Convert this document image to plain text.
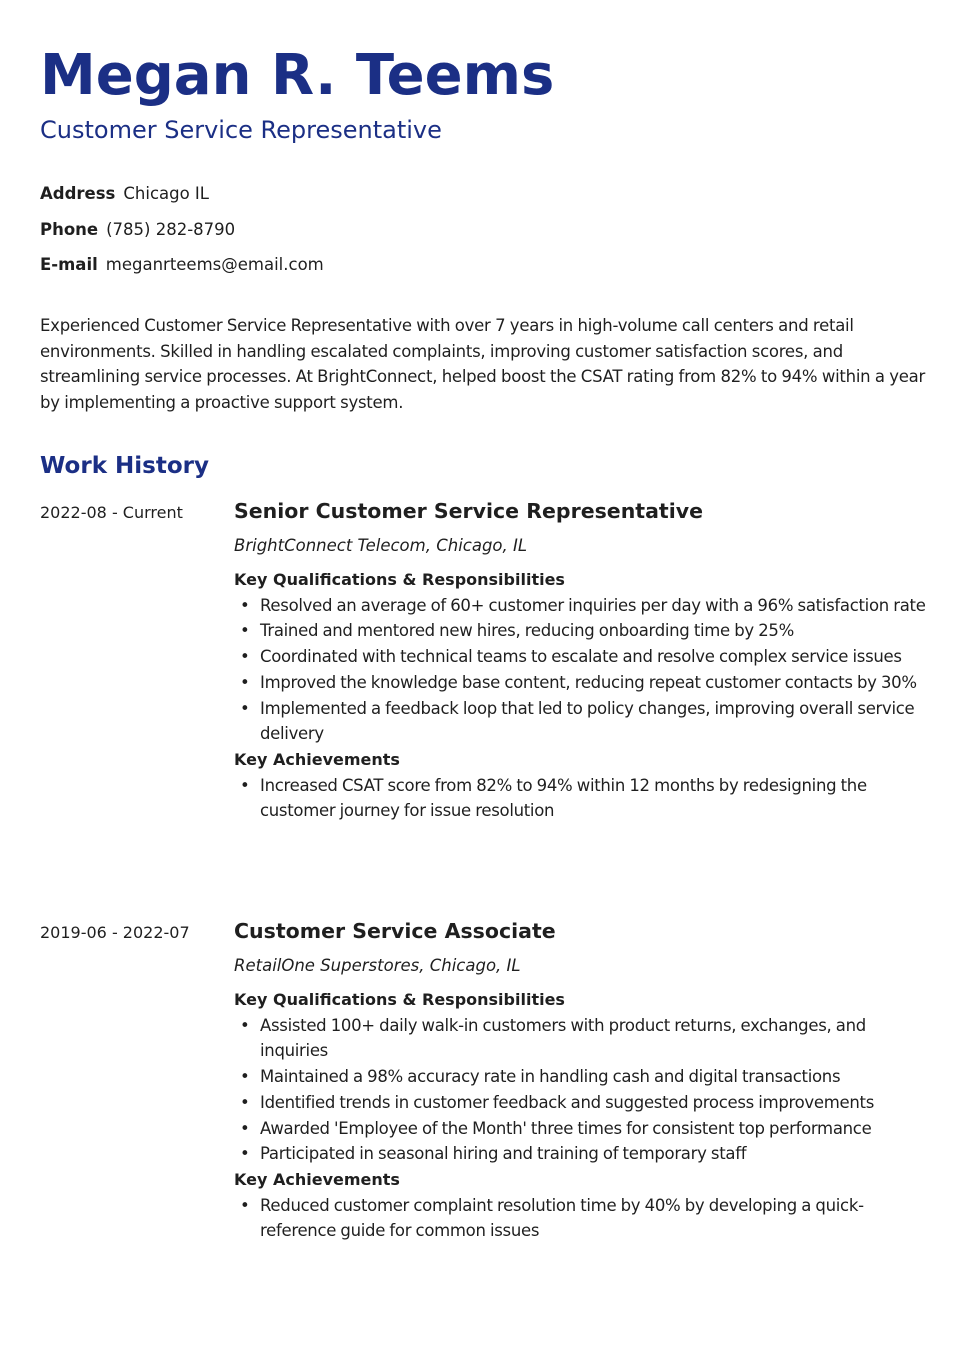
Megan R. Teems
Customer Service Representative
Address Chicago IL
Phone (785) 282-8790
E-mail meganrteems@email.com
Experienced Customer Service Representative with over 7 years in high-volume call centers and retail environments. Skilled in handling escalated complaints, improving customer satisfaction scores, and streamlining service processes. At BrightConnect, helped boost the CSAT rating from 82% to 94% within a year by implementing a proactive support system.
Work History
2022-08 - Current Senior Customer Service Representative
BrightConnect Telecom, Chicago, IL
Key Qualifications & Responsibilities
• Resolved an average of 60+ customer inquiries per day with a 96% satisfaction rate
• Trained and mentored new hires, reducing onboarding time by 25%
• Coordinated with technical teams to escalate and resolve complex service issues
• Improved the knowledge base content, reducing repeat customer contacts by 30%
• Implemented a feedback loop that led to policy changes, improving overall service delivery
Key Achievements
• Increased CSAT score from 82% to 94% within 12 months by redesigning the customer journey for issue resolution
2019-06 - 2022-07 Customer Service Associate
RetailOne Superstores, Chicago, IL
Key Qualifications & Responsibilities
• Assisted 100+ daily walk-in customers with product returns, exchanges, and inquiries
• Maintained a 98% accuracy rate in handling cash and digital transactions
• Identified trends in customer feedback and suggested process improvements
• Awarded 'Employee of the Month' three times for consistent top performance
• Participated in seasonal hiring and training of temporary staff
Key Achievements
• Reduced customer complaint resolution time by 40% by developing a quick-reference guide for common issues
